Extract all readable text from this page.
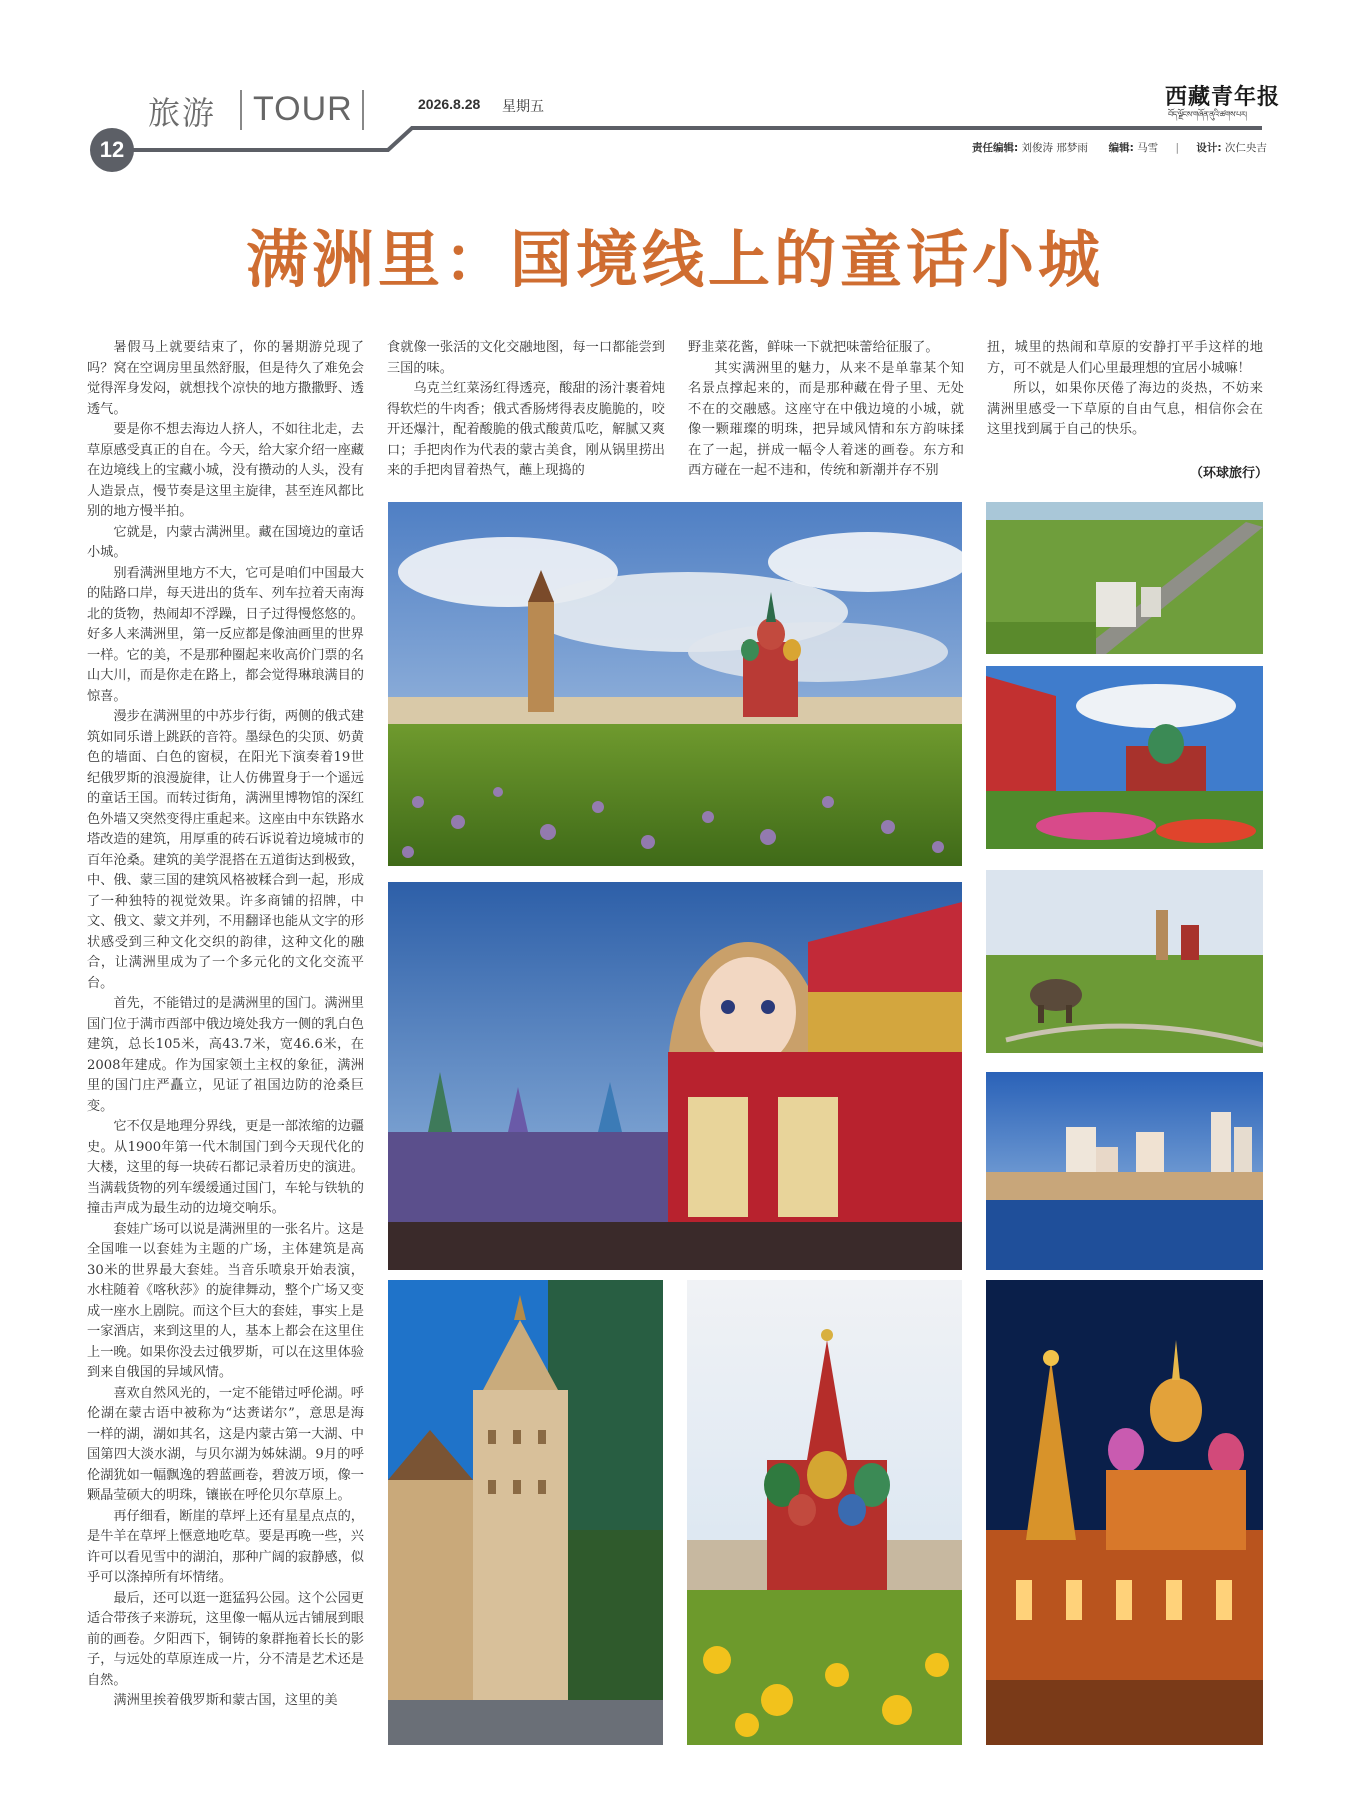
旅游 TOUR	2026.8.28 星期五	西藏青年报
བོད་ལྗོངས་གཞོན་ནུའི་ཚགས་པར།
12	责任编辑: 刘俊涛 邢梦雨 编辑: 马雪 | 设计: 次仁央吉
满洲里：国境线上的童话小城

暑假马上就要结束了，你的暑期游兑现了吗？窝在空调房里虽然舒服，但是待久了难免会觉得浑身发闷，就想找个凉快的地方撒撒野、透透气。

要是你不想去海边人挤人，不如往北走，去草原感受真正的自在。今天，给大家介绍一座藏在边境线上的宝藏小城，没有攒动的人头，没有人造景点，慢节奏是这里主旋律，甚至连风都比别的地方慢半拍。

它就是，内蒙古满洲里。藏在国境边的童话小城。

别看满洲里地方不大，它可是咱们中国最大的陆路口岸，每天进出的货车、列车拉着天南海北的货物，热闹却不浮躁，日子过得慢悠悠的。好多人来满洲里，第一反应都是像油画里的世界一样。它的美，不是那种圈起来收高价门票的名山大川，而是你走在路上，都会觉得琳琅满目的惊喜。

漫步在满洲里的中苏步行街，两侧的俄式建筑如同乐谱上跳跃的音符。墨绿色的尖顶、奶黄色的墙面、白色的窗棂，在阳光下演奏着19世纪俄罗斯的浪漫旋律，让人仿佛置身于一个遥远的童话王国。而转过街角，满洲里博物馆的深红色外墙又突然变得庄重起来。这座由中东铁路水塔改造的建筑，用厚重的砖石诉说着边境城市的百年沧桑。建筑的美学混搭在五道街达到极致，中、俄、蒙三国的建筑风格被糅合到一起，形成了一种独特的视觉效果。许多商铺的招牌，中文、俄文、蒙文并列，不用翻译也能从文字的形状感受到三种文化交织的韵律，这种文化的融合，让满洲里成为了一个多元化的文化交流平台。

首先，不能错过的是满洲里的国门。满洲里国门位于满市西部中俄边境处我方一侧的乳白色建筑，总长105米，高43.7米，宽46.6米，在2008年建成。作为国家领土主权的象征，满洲里的国门庄严矗立，见证了祖国边防的沧桑巨变。

它不仅是地理分界线，更是一部浓缩的边疆史。从1900年第一代木制国门到今天现代化的大楼，这里的每一块砖石都记录着历史的演进。当满载货物的列车缓缓通过国门，车轮与铁轨的撞击声成为最生动的边境交响乐。

套娃广场可以说是满洲里的一张名片。这是全国唯一以套娃为主题的广场，主体建筑是高30米的世界最大套娃。当音乐喷泉开始表演，水柱随着《喀秋莎》的旋律舞动，整个广场又变成一座水上剧院。而这个巨大的套娃，事实上是一家酒店，来到这里的人，基本上都会在这里住上一晚。如果你没去过俄罗斯，可以在这里体验到来自俄国的异域风情。

喜欢自然风光的，一定不能错过呼伦湖。呼伦湖在蒙古语中被称为“达赉诺尔”，意思是海一样的湖，湖如其名，这是内蒙古第一大湖、中国第四大淡水湖，与贝尔湖为姊妹湖。9月的呼伦湖犹如一幅飘逸的碧蓝画卷，碧波万顷，像一颗晶莹硕大的明珠，镶嵌在呼伦贝尔草原上。

再仔细看，断崖的草坪上还有星星点点的，是牛羊在草坪上惬意地吃草。要是再晚一些，兴许可以看见雪中的湖泊，那种广阔的寂静感，似乎可以涤掉所有坏情绪。

最后，还可以逛一逛猛犸公园。这个公园更适合带孩子来游玩，这里像一幅从远古铺展到眼前的画卷。夕阳西下，铜铸的象群拖着长长的影子，与远处的草原连成一片，分不清是艺术还是自然。

满洲里挨着俄罗斯和蒙古国，这里的美

食就像一张活的文化交融地图，每一口都能尝到三国的味。

乌克兰红菜汤红得透亮，酸甜的汤汁裹着炖得软烂的牛肉香；俄式香肠烤得表皮脆脆的，咬开还爆汁，配着酸脆的俄式酸黄瓜吃，解腻又爽口；手把肉作为代表的蒙古美食，刚从锅里捞出来的手把肉冒着热气，蘸上现捣的

野韭菜花酱，鲜味一下就把味蕾给征服了。

其实满洲里的魅力，从来不是单靠某个知名景点撑起来的，而是那种藏在骨子里、无处不在的交融感。这座守在中俄边境的小城，就像一颗璀璨的明珠，把异域风情和东方韵味揉在了一起，拼成一幅令人着迷的画卷。东方和西方碰在一起不违和，传统和新潮并存不别

扭，城里的热闹和草原的安静打平手这样的地方，可不就是人们心里最理想的宜居小城嘛！

所以，如果你厌倦了海边的炎热，不妨来满洲里感受一下草原的自由气息，相信你会在这里找到属于自己的快乐。

（环球旅行）
